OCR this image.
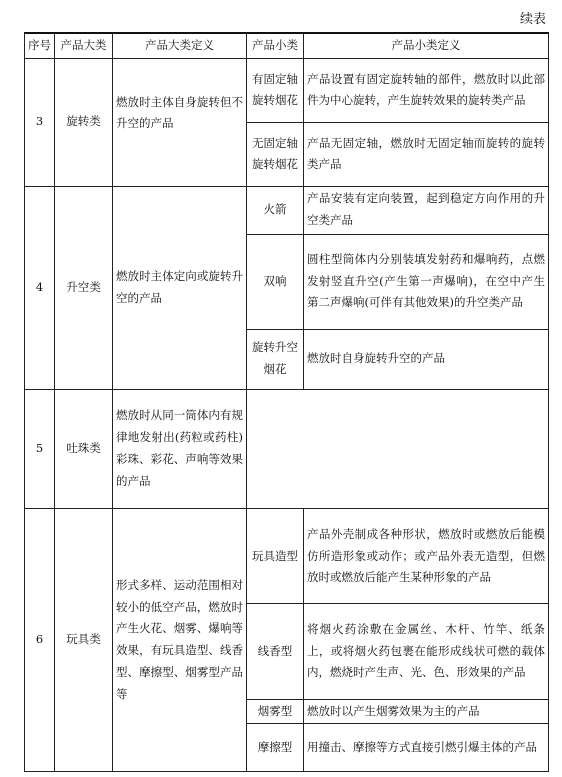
续表
序号	产品大类	产品大类定义	产品小类	产品小类定义
3	旋转类	燃放时主体自身旋转但不升空的产品	有固定轴旋转烟花	产品设置有固定旋转轴的部件，燃放时以此部件为中心旋转，产生旋转效果的旋转类产品
			无固定轴旋转烟花	产品无固定轴，燃放时无固定轴而旋转的旋转类产品
4	升空类	燃放时主体定向或旋转升空的产品	火箭	产品安装有定向装置，起到稳定方向作用的升空类产品
			双响	圆柱型筒体内分别装填发射药和爆响药，点燃发射竖直升空(产生第一声爆响)，在空中产生第二声爆响(可伴有其他效果)的升空类产品
			旋转升空烟花	燃放时自身旋转升空的产品
5	吐珠类	燃放时从同一筒体内有规律地发射出(药粒或药柱)彩珠、彩花、声响等效果的产品		
6	玩具类	形式多样、运动范围相对较小的低空产品，燃放时产生火花、烟雾、爆响等效果，有玩具造型、线香型、摩擦型、烟雾型产品等	玩具造型	产品外壳制成各种形状，燃放时或燃放后能模仿所造形象或动作；或产品外表无造型，但燃放时或燃放后能产生某种形象的产品
			线香型	将烟火药涂敷在金属丝、木杆、竹竿、纸条上，或将烟火药包裹在能形成线状可燃的载体内，燃烧时产生声、光、色、形效果的产品
			烟雾型	燃放时以产生烟雾效果为主的产品
			摩擦型	用撞击、摩擦等方式直接引燃引爆主体的产品
